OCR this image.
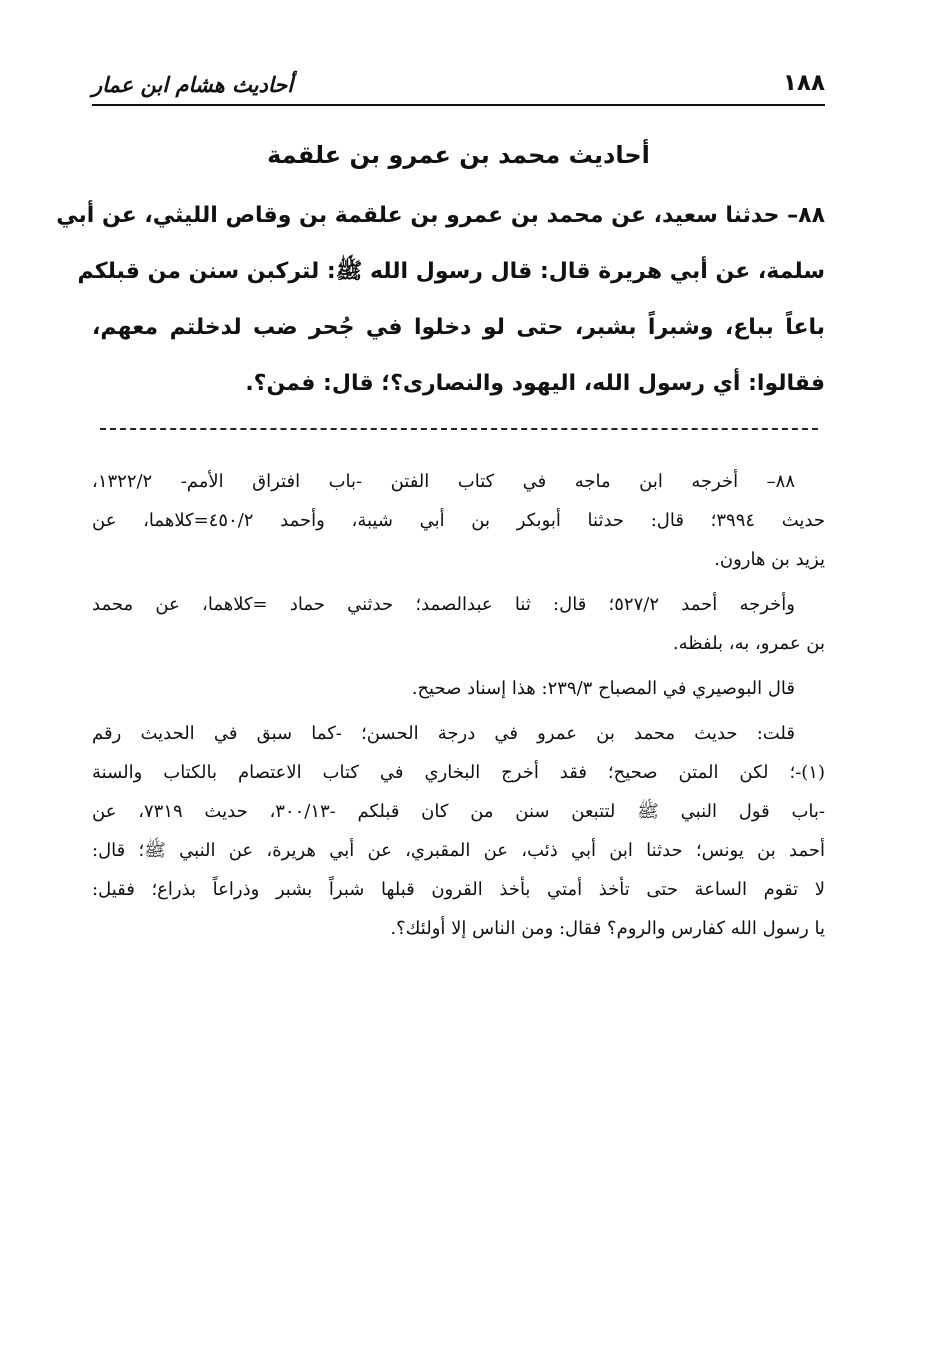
أحاديث هشام ابن عمار	١٨٨
أحاديث محمد بن عمرو بن علقمة
٨٨– حدثنا سعيد، عن محمد بن عمرو بن علقمة بن وقاص الليثي، عن أبي
سلمة، عن أبي هريرة قال: قال رسول الله ﷺ: لتركبن سنن من قبلكم
باعاً بباع، وشبراً بشبر، حتى لو دخلوا في جُحر ضب لدخلتم معهم،
فقالوا: أي رسول الله، اليهود والنصارى؟؛ قال: فمن؟.
٨٨– أخرجه ابن ماجه في كتاب الفتن -باب افتراق الأمم- ١٣٢٢/٢،
حديث ٣٩٩٤؛ قال: حدثنا أبوبكر بن أبي شيبة، وأحمد ٤٥٠/٢=كلاهما، عن
يزيد بن هارون.
وأخرجه أحمد ٥٢٧/٢؛ قال: ثنا عبدالصمد؛ حدثني حماد =كلاهما، عن محمد
بن عمرو، به، بلفظه.
قال البوصيري في المصباح ٢٣٩/٣: هذا إسناد صحيح.
قلت: حديث محمد بن عمرو في درجة الحسن؛ -كما سبق في الحديث رقم
(١)-؛ لكن المتن صحيح؛ فقد أخرج البخاري في كتاب الاعتصام بالكتاب والسنة
-باب قول النبي ﷺ لتتبعن سنن من كان قبلكم -٣٠٠/١٣، حديث ٧٣١٩، عن
أحمد بن يونس؛ حدثنا ابن أبي ذئب، عن المقبري، عن أبي هريرة، عن النبي ﷺ؛ قال:
لا تقوم الساعة حتى تأخذ أمتي بأخذ القرون قبلها شبراً بشبر وذراعاً بذراع؛ فقيل:
يا رسول الله كفارس والروم؟ فقال: ومن الناس إلا أولئك؟.
